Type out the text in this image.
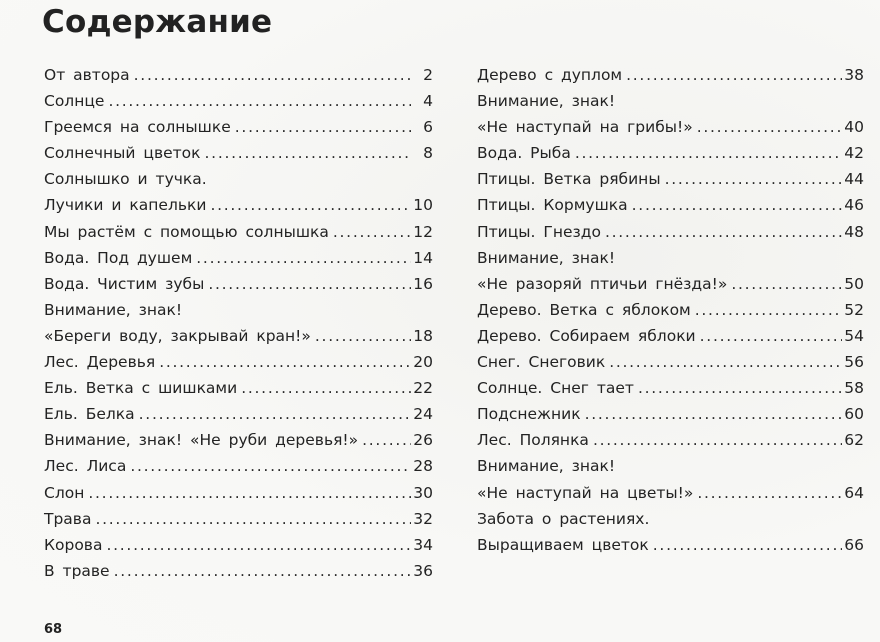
Содержание
От автора . . .	2
Солнце . . .	4
Греемся на солнышке . . .	6
Солнечный цветок . . .	8
Солнышко и тучка.
Лучики и капельки . . .	10
Мы растём с помощью солнышка . . .	12
Вода. Под душем . . .	14
Вода. Чистим зубы . . .	16
Внимание, знак!
«Береги воду, закрывай кран!» . . .	18
Лес. Деревья . . .	20
Ель. Ветка с шишками . . .	22
Ель. Белка . . .	24
Внимание, знак! «Не руби деревья!» . . .	26
Лес. Лиса . . .	28
Слон . . .	30
Трава . . .	32
Корова . . .	34
В траве . . .	36
Дерево с дуплом . . .	38
Внимание, знак!
«Не наступай на грибы!» . . .	40
Вода. Рыба . . .	42
Птицы. Ветка рябины . . .	44
Птицы. Кормушка . . .	46
Птицы. Гнездо . . .	48
Внимание, знак!
«Не разоряй птичьи гнёзда!» . . .	50
Дерево. Ветка с яблоком . . .	52
Дерево. Собираем яблоки . . .	54
Снег. Снеговик . . .	56
Солнце. Снег тает . . .	58
Подснежник . . .	60
Лес. Полянка . . .	62
Внимание, знак!
«Не наступай на цветы!» . . .	64
Забота о растениях.
Выращиваем цветок . . .	66
68
